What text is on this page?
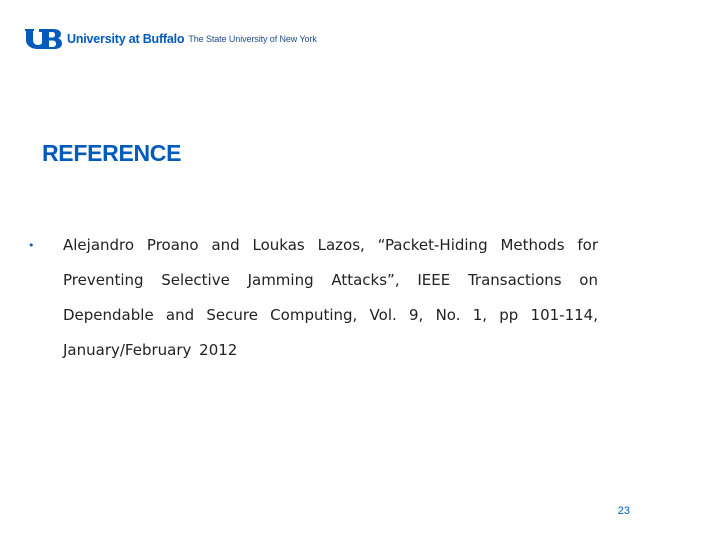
University at Buffalo The State University of New York
REFERENCE
• Alejandro Proano and Loukas Lazos, “Packet-Hiding Methods for Preventing Selective Jamming Attacks”, IEEE Transactions on Dependable and Secure Computing, Vol. 9, No. 1, pp 101-114, January/February 2012
23
